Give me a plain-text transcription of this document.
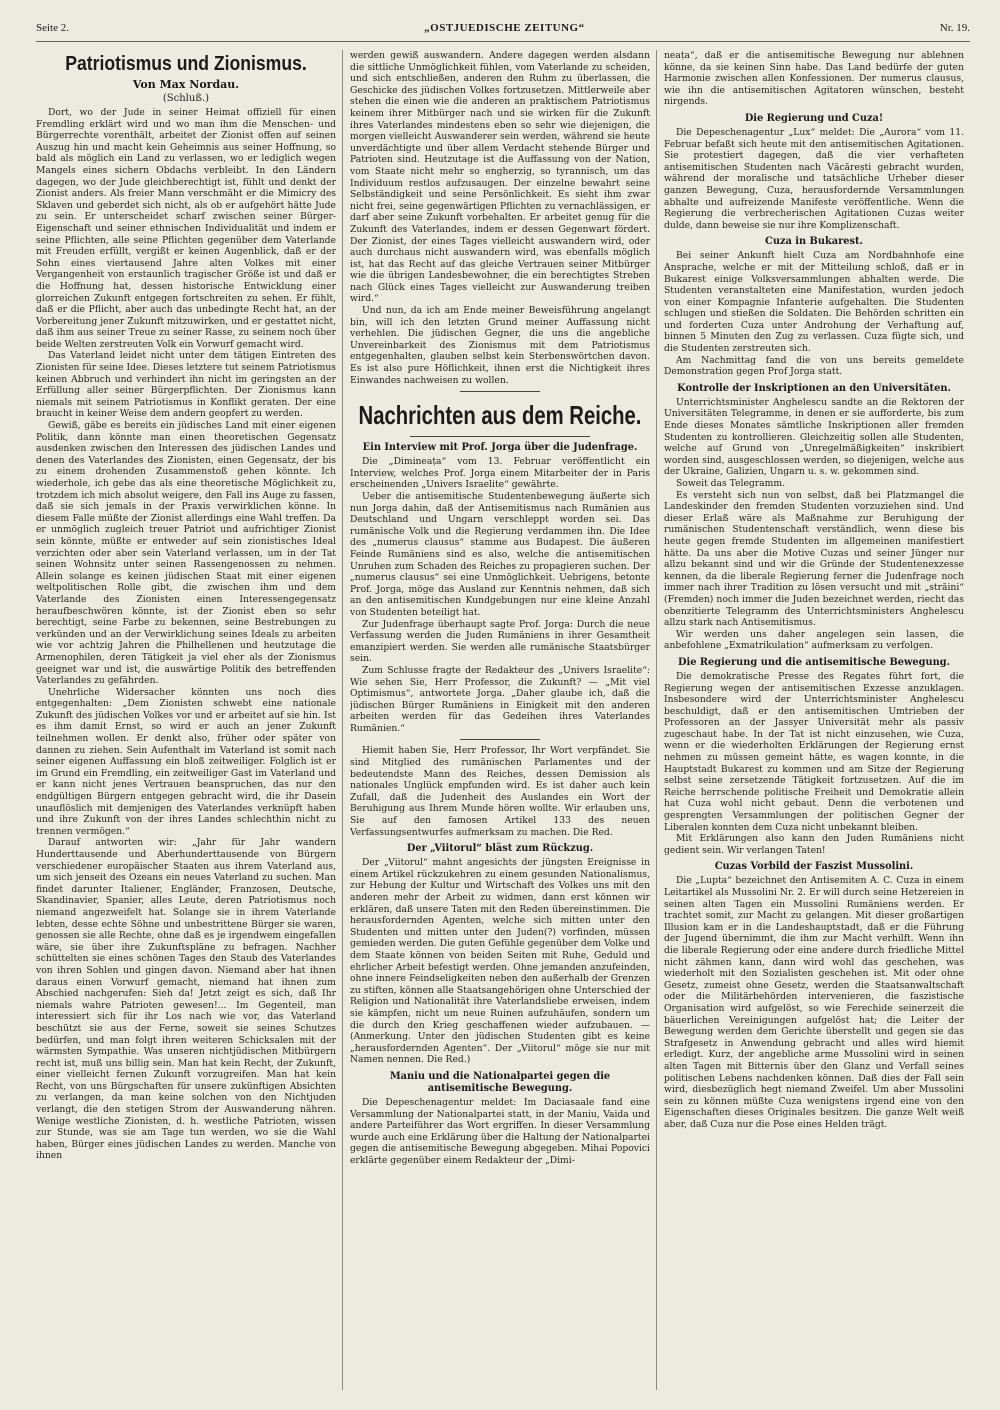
Seite 2.	„OSTJUEDISCHE ZEITUNG“	Nr. 19.
Patriotismus und Zionismus.
Von Max Nordau.
(Schluß.)

Dort, wo der Jude in seiner Heimat offiziell für einen Fremdling erklärt wird und wo man ihm die Menschen- und Bürgerrechte vorenthält, arbeitet der Zionist offen auf seinen Auszug hin und macht kein Geheimnis aus seiner Hoffnung, so bald als möglich ein Land zu verlassen, wo er lediglich wegen Mangels eines sichern Obdachs verbleibt. In den Ländern dagegen, wo der Jude gleichberechtigt ist, fühlt und denkt der Zionist anders. Als freier Mann verschmäht er die Mimicry des Sklaven und geberdet sich nicht, als ob er aufgehört hätte Jude zu sein. Er unterscheidet scharf zwischen seiner Bürger-Eigenschaft und seiner ethnischen Individualität und indem er seine Pflichten, alle seine Pflichten gegenüber dem Vaterlande mit Freuden erfüllt, vergißt er keinen Augenblick, daß er der Sohn eines viertausend Jahre alten Volkes mit einer Vergangenheit von erstaunlich tragischer Größe ist und daß er die Hoffnung hat, dessen historische Entwicklung einer glorreichen Zukunft entgegen fortschreiten zu sehen. Er fühlt, daß er die Pflicht, aber auch das unbedingte Recht hat, an der Vorbereitung jener Zukunft mitzuwirken, und er gestattet nicht, daß ihm aus seiner Treue zu seiner Rasse, zu seinem noch über beide Welten zerstreuten Volk ein Vorwurf gemacht wird.

Das Vaterland leidet nicht unter dem tätigen Eintreten des Zionisten für seine Idee. Dieses letztere tut seinem Patriotismus keinen Abbruch und verhindert ihn nicht im geringsten an der Erfüllung aller seiner Bürgerpflichten. Der Zionismus kann niemals mit seinem Patriotismus in Konflikt geraten. Der eine braucht in keiner Weise dem andern geopfert zu werden.

Gewiß, gäbe es bereits ein jüdisches Land mit einer eigenen Politik, dann könnte man einen theoretischen Gegensatz ausdenken zwischen den Interessen des jüdischen Landes und denen des Vaterlandes des Zionisten, einen Gegensatz, der bis zu einem drohenden Zusammenstoß gehen könnte. Ich wiederhole, ich gebe das als eine theoretische Möglichkeit zu, trotzdem ich mich absolut weigere, den Fall ins Auge zu fassen, daß sie sich jemals in der Praxis verwirklichen könne. In diesem Falle müßte der Zionist allerdings eine Wahl treffen. Da er unmöglich zugleich treuer Patriot und aufrichtiger Zionist sein könnte, müßte er entweder auf sein zionistisches Ideal verzichten oder aber sein Vaterland verlassen, um in der Tat seinen Wohnsitz unter seinen Rassengenossen zu nehmen. Allein solange es keinen jüdischen Staat mit einer eigenen weltpolitischen Rolle gibt, die zwischen ihm und dem Vaterlande des Zionisten einen Interessengegensatz heraufbeschwören könnte, ist der Zionist eben so sehr berechtigt, seine Farbe zu bekennen, seine Bestrebungen zu verkünden und an der Verwirklichung seines Ideals zu arbeiten wie vor achtzig Jahren die Philhellenen und heutzutage die Armenophilen, deren Tätigkeit ja viel eher als der Zionismus geeignet war und ist, die auswärtige Politik des betreffenden Vaterlandes zu gefährden.

Unehrliche Widersacher könnten uns noch dies entgegenhalten: „Dem Zionisten schwebt eine nationale Zukunft des jüdischen Volkes vor und er arbeitet auf sie hin. Ist es ihm damit Ernst, so wird er auch an jener Zukunft teilnehmen wollen. Er denkt also, früher oder später von dannen zu ziehen. Sein Aufenthalt im Vaterland ist somit nach seiner eigenen Auffassung ein bloß zeitweiliger. Folglich ist er im Grund ein Fremdling, ein zeitweiliger Gast im Vaterland und er kann nicht jenes Vertrauen beanspruchen, das nur den endgültigen Bürgern entgegen gebracht wird, die ihr Dasein unauflöslich mit demjenigen des Vaterlandes verknüpft haben und ihre Zukunft von der ihres Landes schlechthin nicht zu trennen vermögen.“

Darauf antworten wir: „Jahr für Jahr wandern Hunderttausende und Aberhunderttausende von Bürgern verschiedener europäischer Staaten aus ihrem Vaterland aus, um sich jenseit des Ozeans ein neues Vaterland zu suchen. Man findet darunter Italiener, Engländer, Franzosen, Deutsche, Skandinavier, Spanier, alles Leute, deren Patriotismus noch niemand angezweifelt hat. Solange sie in ihrem Vaterlande lebten, desse echte Söhne und unbestrittene Bürger sie waren, genossen sie alle Rechte, ohne daß es je irgendwem eingefallen wäre, sie über ihre Zukunftspläne zu befragen. Nachher schüttelten sie eines schönen Tages den Staub des Vaterlandes von ihren Sohlen und gingen davon. Niemand aber hat ihnen daraus einen Vorwurf gemacht, niemand hat ihnen zum Abschied nachgerufen: Sieh da! Jetzt zeigt es sich, daß Ihr niemals wahre Patrioten gewesen!... Im Gegenteil, man interessiert sich für ihr Los nach wie vor, das Vaterland beschützt sie aus der Ferne, soweit sie seines Schutzes bedürfen, und man folgt ihren weiteren Schicksalen mit der wärmsten Sympathie. Was unseren nichtjüdischen Mitbürgern recht ist, muß uns billig sein. Man hat kein Recht, der Zukunft, einer vielleicht fernen Zukunft vorzugreifen. Man hat kein Recht, von uns Bürgschaften für unsere zukünftigen Absichten zu verlangen, da man keine solchen von den Nichtjuden verlangt, die den stetigen Strom der Auswanderung nähren. Wenige westliche Zionisten, d. h. westliche Patrioten, wissen zur Stunde, was sie am Tage tun werden, wo sie die Wahl haben, Bürger eines jüdischen Landes zu werden. Manche von ihnen

werden gewiß auswandern. Andere dagegen werden alsdann die sittliche Unmöglichkeit fühlen, vom Vaterlande zu scheiden, und sich entschließen, anderen den Ruhm zu überlassen, die Geschicke des jüdischen Volkes fortzusetzen. Mittlerweile aber stehen die einen wie die anderen an praktischem Patriotismus keinem ihrer Mitbürger nach und sie wirken für die Zukunft ihres Vaterlandes mindestens eben so sehr wie diejenigen, die morgen vielleicht Auswanderer sein werden, während sie heute unverdächtigte und über allem Verdacht stehende Bürger und Patrioten sind. Heutzutage ist die Auffassung von der Nation, vom Staate nicht mehr so engherzig, so tyrannisch, um das Individuum restlos aufzusaugen. Der einzelne bewahrt seine Selbständigkeit und seine Persönlichkeit. Es sieht ihm zwar nicht frei, seine gegenwärtigen Pflichten zu vernachlässigen, er darf aber seine Zukunft vorbehalten. Er arbeitet genug für die Zukunft des Vaterlandes, indem er dessen Gegenwart fördert. Der Zionist, der eines Tages vielleicht auswandern wird, oder auch durchaus nicht auswandern wird, was ebenfalls möglich ist, hat das Recht auf das gleiche Vertrauen seiner Mitbürger wie die übrigen Landesbewohner, die ein berechtigtes Streben nach Glück eines Tages vielleicht zur Auswanderung treiben wird.“

Und nun, da ich am Ende meiner Beweisführung angelangt bin, will ich den letzten Grund meiner Auffassung nicht verhehlen. Die jüdischen Gegner, die uns die angebliche Unvereinbarkeit des Zionismus mit dem Patriotismus entgegenhalten, glauben selbst kein Sterbenswörtchen davon. Es ist also pure Höflichkeit, ihnen erst die Nichtigkeit ihres Einwandes nachweisen zu wollen.

Nachrichten aus dem Reiche.
Ein Interview mit Prof. Jorga über die Judenfrage.

Die „Dimineața“ vom 13. Februar veröffentlicht ein Interview, welches Prof. Jorga einem Mitarbeiter der in Paris erscheinenden „Univers Israelite“ gewährte.

Ueber die antisemitische Studentenbewegung äußerte sich nun Jorga dahin, daß der Antisemitismus nach Rumänien aus Deutschland und Ungarn verschleppt worden sei. Das rumänische Volk und die Regierung verdammen ihn. Die Idee des „numerus clausus“ stamme aus Budapest. Die äußeren Feinde Rumäniens sind es also, welche die antisemitischen Unruhen zum Schaden des Reiches zu propagieren suchen. Der „numerus clausus“ sei eine Unmöglichkeit. Uebrigens, betonte Prof. Jorga, möge das Ausland zur Kenntnis nehmen, daß sich an den antisemitischen Kundgebungen nur eine kleine Anzahl von Studenten beteiligt hat.

Zur Judenfrage überhaupt sagte Prof. Jorga: Durch die neue Verfassung werden die Juden Rumäniens in ihrer Gesamtheit emanzipiert werden. Sie werden alle rumänische Staatsbürger sein.

Zum Schlusse fragte der Redakteur des „Univers Israelite“: Wie sehen Sie, Herr Professor, die Zukunft? — „Mit viel Optimismus“, antwortete Jorga. „Daher glaube ich, daß die jüdischen Bürger Rumäniens in Einigkeit mit den anderen arbeiten werden für das Gedeihen ihres Vaterlandes Rumänien.“

Hiemit haben Sie, Herr Professor, Ihr Wort verpfändet. Sie sind Mitglied des rumänischen Parlamentes und der bedeutendste Mann des Reiches, dessen Demission als nationales Unglück empfunden wird. Es ist daher auch kein Zufall, daß die Judenheit des Auslandes ein Wort der Beruhigung aus Ihrem Munde hören wollte. Wir erlauben uns, Sie auf den famosen Artikel 133 des neuen Verfassungsentwurfes aufmerksam zu machen. Die Red.

Der „Viitorul“ bläst zum Rückzug.

Der „Viitorul“ mahnt angesichts der jüngsten Ereignisse in einem Artikel rückzukehren zu einem gesunden Nationalismus, zur Hebung der Kultur und Wirtschaft des Volkes uns mit den anderen mehr der Arbeit zu widmen, dann erst können wir erklären, daß unsere Taten mit den Reden übereinstimmen. Die herausfordernden Agenten, welche sich mitten unter den Studenten und mitten unter den Juden(?) vorfinden, müssen gemieden werden. Die guten Gefühle gegenüber dem Volke und dem Staate können von beiden Seiten mit Ruhe, Geduld und ehrlicher Arbeit befestigt werden. Ohne jemanden anzufeinden, ohne innere Feindseligkeiten neben den außerhalb der Grenzen zu stiften, können alle Staatsangehörigen ohne Unterschied der Religion und Nationalität ihre Vaterlandsliebe erweisen, indem sie kämpfen, nicht um neue Ruinen aufzuhäufen, sondern um die durch den Krieg geschaffenen wieder aufzubauen. — (Anmerkung. Unter den jüdischen Studenten gibt es keine „herausfordernden Agenten“. Der „Viitorul“ möge sie nur mit Namen nennen. Die Red.)

Maniu und die Nationalpartei gegen die antisemitische Bewegung.

Die Depeschenagentur meldet: Im Daciasaale fand eine Versammlung der Nationalpartei statt, in der Maniu, Vaida und andere Parteiführer das Wort ergriffen. In dieser Versammlung wurde auch eine Erklärung über die Haltung der Nationalpartei gegen die antisemitische Bewegung abgegeben. Mihai Popovici erklärte gegenüber einem Redakteur der „Dimi-

neața“, daß er die antisemitische Bewegung nur ablehnen könne, da sie keinen Sinn habe. Das Land bedürfe der guten Harmonie zwischen allen Konfessionen. Der numerus clausus, wie ihn die antisemitischen Agitatoren wünschen, besteht nirgends.

Die Regierung und Cuza!

Die Depeschenagentur „Lux“ meldet: Die „Aurora“ vom 11. Februar befaßt sich heute mit den antisemitischen Agitationen. Sie protestiert dagegen, daß die vier verhafteten antisemitischen Studenten nach Văcărești gebracht wurden, während der moralische und tatsächliche Urheber dieser ganzen Bewegung, Cuza, herausfordernde Versammlungen abhalte und aufreizende Manifeste veröffentliche. Wenn die Regierung die verbrecherischen Agitationen Cuzas weiter dulde, dann beweise sie nur ihre Komplizenschaft.

Cuza in Bukarest.

Bei seiner Ankunft hielt Cuza am Nordbahnhofe eine Ansprache, welche er mit der Mitteilung schloß, daß er in Bukarest einige Volksversammlungen abhalten werde. Die Studenten veranstalteten eine Manifestation, wurden jedoch von einer Kompagnie Infanterie aufgehalten. Die Studenten schlugen und stießen die Soldaten. Die Behörden schritten ein und forderten Cuza unter Androhung der Verhaftung auf, binnen 5 Minuten den Zug zu verlassen. Cuza fügte sich, und die Studenten zerstreuten sich.

Am Nachmittag fand die von uns bereits gemeldete Demonstration gegen Prof Jorga statt.

Kontrolle der Inskriptionen an den Universitäten.

Unterrichtsminister Anghelescu sandte an die Rektoren der Universitäten Telegramme, in denen er sie aufforderte, bis zum Ende dieses Monates sämtliche Inskriptionen aller fremden Studenten zu kontrollieren. Gleichzeitig sollen alle Studenten, welche auf Grund von „Unregelmäßigkeiten“ inskribiert worden sind, ausgeschlossen werden, so diejenigen, welche aus der Ukraine, Galizien, Ungarn u. s. w. gekommen sind.

Soweit das Telegramm.

Es versteht sich nun von selbst, daß bei Platzmangel die Landeskinder den fremden Studenten vorzuziehen sind. Und dieser Erlaß wäre als Maßnahme zur Beruhigung der rumänischen Studentenschaft verständlich, wenn diese bis heute gegen fremde Studenten im allgemeinen manifestiert hätte. Da uns aber die Motive Cuzas und seiner Jünger nur allzu bekannt sind und wir die Gründe der Studentenexzesse kennen, da die liberale Regierung ferner die Judenfrage noch immer nach ihrer Tradition zu lösen versucht und mit „străini“ (Fremden) noch immer die Juden bezeichnet werden, riecht das obenzitierte Telegramm des Unterrichtsministers Anghelescu allzu stark nach Antisemitismus.

Wir werden uns daher angelegen sein lassen, die anbefohlene „Exmatrikulation“ aufmerksam zu verfolgen.

Die Regierung und die antisemitische Bewegung.

Die demokratische Presse des Regates führt fort, die Regierung wegen der antisemitischen Exzesse anzuklagen. Insbesondere wird der Unterrichtsminister Anghelescu beschuldigt, daß er den antisemitischen Umtrieben der Professoren an der Jassyer Universität mehr als passiv zugeschaut habe. In der Tat ist nicht einzusehen, wie Cuza, wenn er die wiederholten Erklärungen der Regierung ernst nehmen zu müssen gemeint hätte, es wagen konnte, in die Hauptstadt Bukarest zu kommen und am Sitze der Regierung selbst seine zersetzende Tätigkeit fortzusetzen. Auf die im Reiche herrschende politische Freiheit und Demokratie allein hat Cuza wohl nicht gebaut. Denn die verbotenen und gesprengten Versammlungen der politischen Gegner der Liberalen konnten dem Cuza nicht unbekannt bleiben.

Mit Erklärungen also kann den Juden Rumäniens nicht gedient sein. Wir verlangen Taten!

Cuzas Vorbild der Faszist Mussolini.

Die „Lupta“ bezeichnet den Antisemiten A. C. Cuza in einem Leitartikel als Mussolini Nr. 2. Er will durch seine Hetzereien in seinen alten Tagen ein Mussolini Rumäniens werden. Er trachtet somit, zur Macht zu gelangen. Mit dieser großartigen Illusion kam er in die Landeshauptstadt, daß er die Führung der Jugend übernimmt, die ihm zur Macht verhilft. Wenn ihn die liberale Regierung oder eine andere durch friedliche Mittel nicht zähmen kann, dann wird wohl das geschehen, was wiederholt mit den Sozialisten geschehen ist. Mit oder ohne Gesetz, zumeist ohne Gesetz, werden die Staatsanwaltschaft oder die Militärbehörden intervenieren, die faszistische Organisation wird aufgelöst, so wie Ferechide seinerzeit die bäuerlichen Vereinigungen aufgelöst hat; die Leiter der Bewegung werden dem Gerichte überstellt und gegen sie das Strafgesetz in Anwendung gebracht und alles wird hiemit erledigt. Kurz, der angebliche arme Mussolini wird in seinen alten Tagen mit Bitternis über den Glanz und Verfall seines politischen Lebens nachdenken können. Daß dies der Fall sein wird, diesbezüglich hegt niemand Zweifel. Um aber Mussolini sein zu können müßte Cuza wenigstens irgend eine von den Eigenschaften dieses Originales besitzen. Die ganze Welt weiß aber, daß Cuza nur die Pose eines Helden trägt.
